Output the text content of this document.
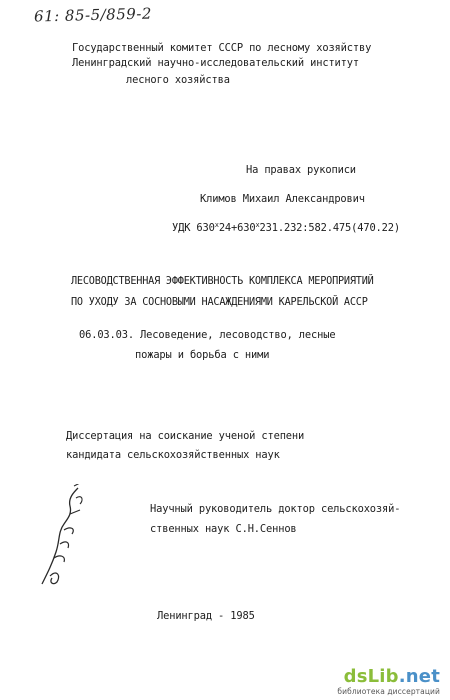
61: 85-5/859-2
Государственный комитет СССР по лесному хозяйству
Ленинградский научно-исследовательский институт
лесного хозяйства
На правах рукописи
Климов Михаил Александрович
УДК $630^х24+630^х231.232:582.475(470.22)$
ЛЕСОВОДСТВЕННАЯ ЭФФЕКТИВНОСТЬ КОМПЛЕКСА МЕРОПРИЯТИЙ
ПО УХОДУ ЗА СОСНОВЫМИ НАСАЖДЕНИЯМИ КАРЕЛЬСКОЙ АССР
06.03.03. Лесоведение, лесоводство, лесные
пожары и борьба с ними
Диссертация на соискание ученой степени
кандидата сельскохозяйственных наук
Научный руководитель доктор сельскохозяй-
ственных наук С.Н.Сеннов
Ленинград - 1985
dsLib.net
библиотека диссертаций
